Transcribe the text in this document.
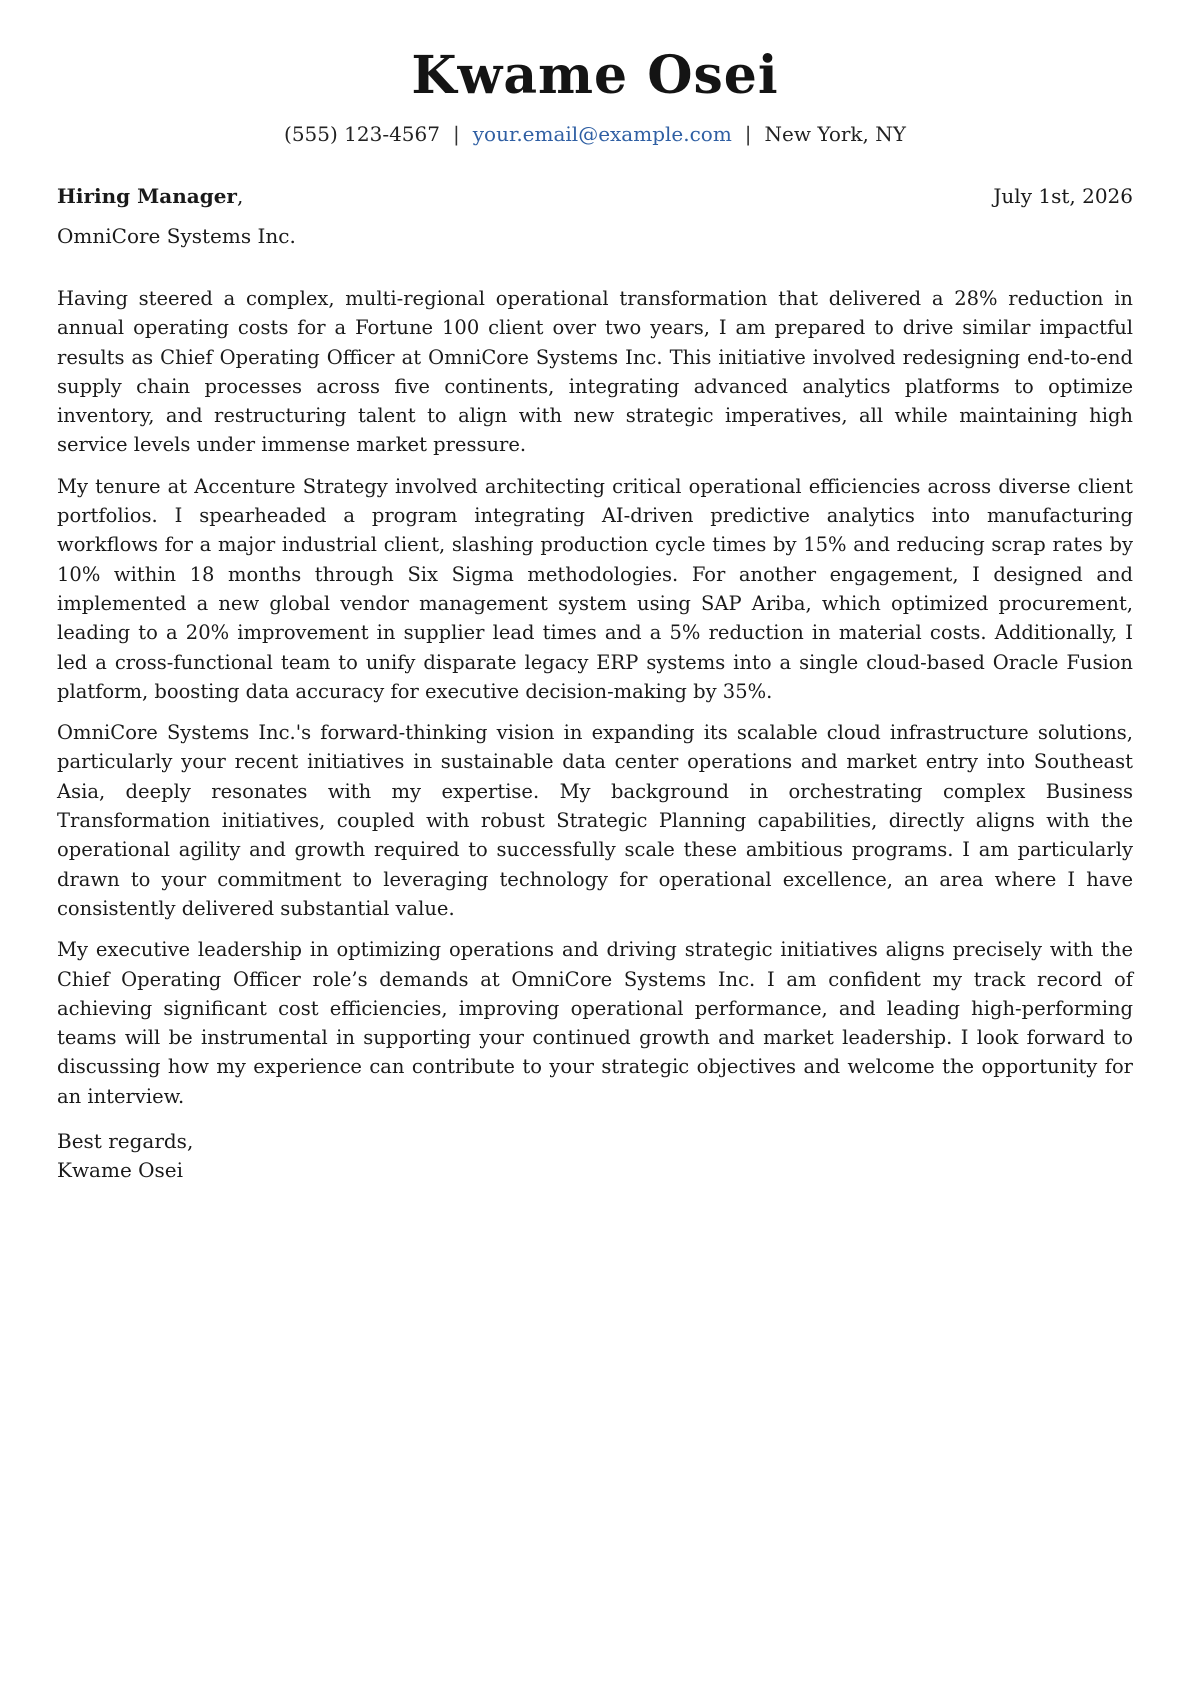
Kwame Osei
(555) 123-4567 | your.email@example.com | New York, NY
Hiring Manager,	July 1st, 2026
OmniCore Systems Inc.

Having steered a complex, multi-regional operational transformation that delivered a 28% reduction in annual operating costs for a Fortune 100 client over two years, I am prepared to drive similar impactful results as Chief Operating Officer at OmniCore Systems Inc. This initiative involved redesigning end-to-end supply chain processes across five continents, integrating advanced analytics platforms to optimize inventory, and restructuring talent to align with new strategic imperatives, all while maintaining high service levels under immense market pressure.

My tenure at Accenture Strategy involved architecting critical operational efficiencies across diverse client portfolios. I spearheaded a program integrating AI-driven predictive analytics into manufacturing workflows for a major industrial client, slashing production cycle times by 15% and reducing scrap rates by 10% within 18 months through Six Sigma methodologies. For another engagement, I designed and implemented a new global vendor management system using SAP Ariba, which optimized procurement, leading to a 20% improvement in supplier lead times and a 5% reduction in material costs. Additionally, I led a cross-functional team to unify disparate legacy ERP systems into a single cloud-based Oracle Fusion platform, boosting data accuracy for executive decision-making by 35%.

OmniCore Systems Inc.'s forward-thinking vision in expanding its scalable cloud infrastructure solutions, particularly your recent initiatives in sustainable data center operations and market entry into Southeast Asia, deeply resonates with my expertise. My background in orchestrating complex Business Transformation initiatives, coupled with robust Strategic Planning capabilities, directly aligns with the operational agility and growth required to successfully scale these ambitious programs. I am particularly drawn to your commitment to leveraging technology for operational excellence, an area where I have consistently delivered substantial value.

My executive leadership in optimizing operations and driving strategic initiatives aligns precisely with the Chief Operating Officer role’s demands at OmniCore Systems Inc. I am confident my track record of achieving significant cost efficiencies, improving operational performance, and leading high-performing teams will be instrumental in supporting your continued growth and market leadership. I look forward to discussing how my experience can contribute to your strategic objectives and welcome the opportunity for an interview.

Best regards,
Kwame Osei
